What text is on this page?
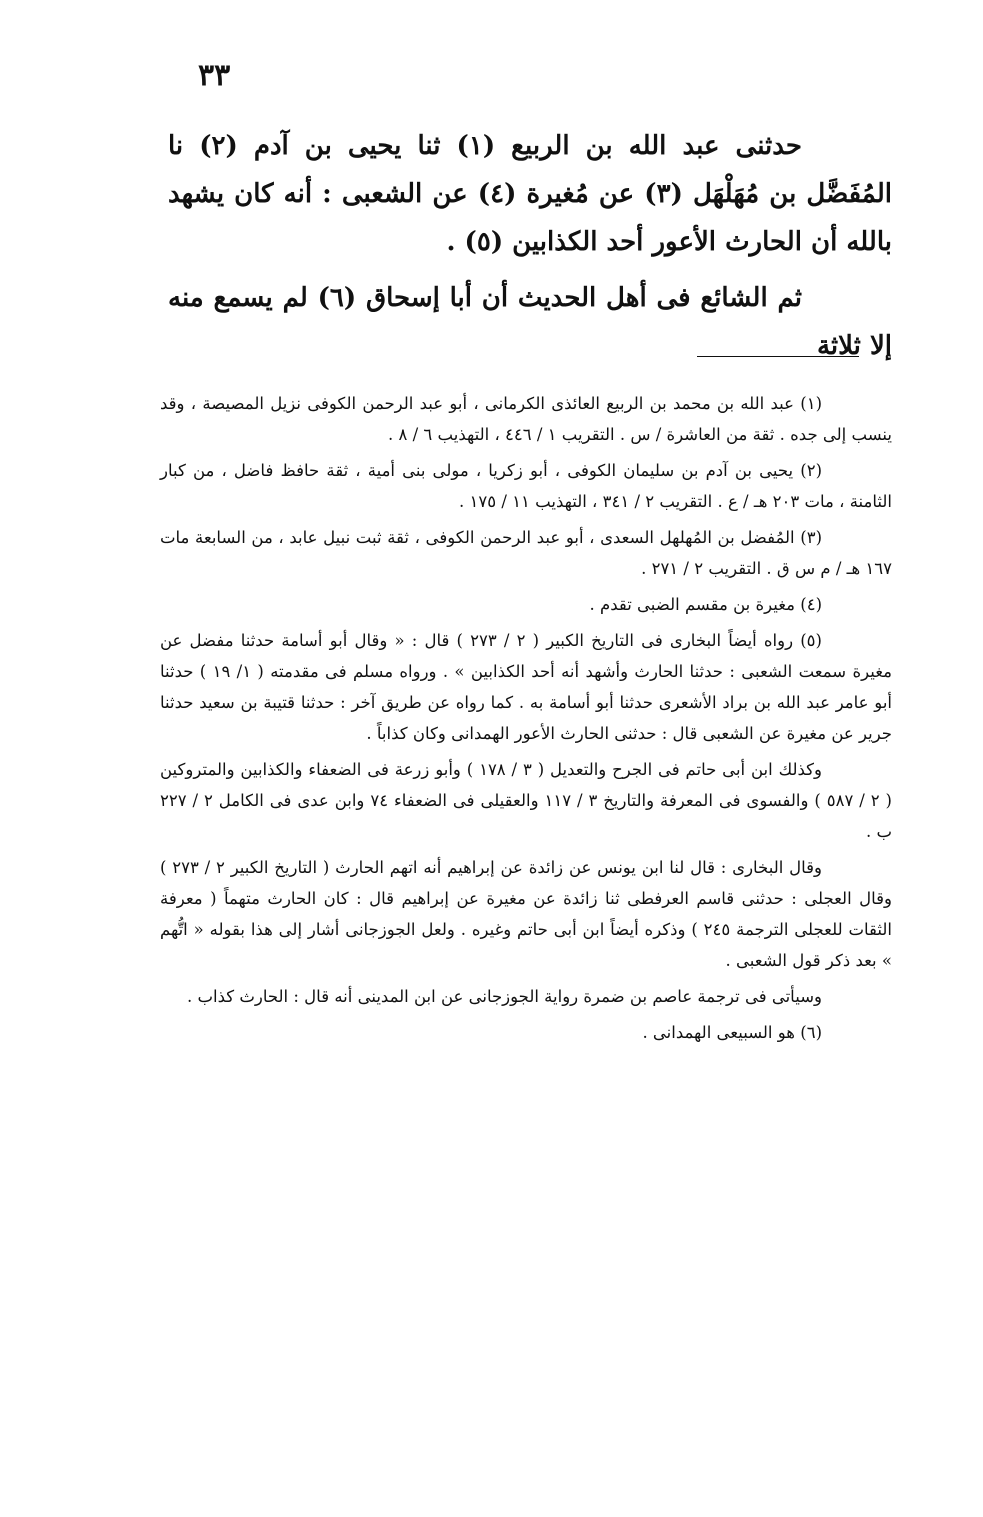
٣٣

حدثنى عبد الله بن الربيع (١) ثنا يحيى بن آدم (٢) نا المُفَضَّل بن مُهَلْهَل (٣) عن مُغيرة (٤) عن الشعبى : أنه كان يشهد بالله أن الحارث الأعور أحد الكذابين (٥) .

ثم الشائع فى أهل الحديث أن أبا إسحاق (٦) لم يسمع منه إلا ثلاثة

(١) عبد الله بن محمد بن الربيع العائذى الكرمانى ، أبو عبد الرحمن الكوفى نزيل المصيصة ، وقد ينسب إلى جده . ثقة من العاشرة / س . التقريب ١ / ٤٤٦ ، التهذيب ٦ / ٨ .

(٢) يحيى بن آدم بن سليمان الكوفى ، أبو زكريا ، مولى بنى أمية ، ثقة حافظ فاضل ، من كبار الثامنة ، مات ٢٠٣ هـ / ع . التقريب ٢ / ٣٤١ ، التهذيب ١١ / ١٧٥ .

(٣) المُفضل بن المُهلهل السعدى ، أبو عبد الرحمن الكوفى ، ثقة ثبت نبيل عابد ، من السابعة مات ١٦٧ هـ / م س ق . التقريب ٢ / ٢٧١ .

(٤) مغيرة بن مقسم الضبى تقدم .

(٥) رواه أيضاً البخارى فى التاريخ الكبير ( ٢ / ٢٧٣ ) قال : « وقال أبو أسامة حدثنا مفضل عن مغيرة سمعت الشعبى : حدثنا الحارث وأشهد أنه أحد الكذابين » . ورواه مسلم فى مقدمته ( ١/ ١٩ ) حدثنا أبو عامر عبد الله بن براد الأشعرى حدثنا أبو أسامة به . كما رواه عن طريق آخر : حدثنا قتيبة بن سعيد حدثنا جرير عن مغيرة عن الشعبى قال : حدثنى الحارث الأعور الهمدانى وكان كذاباً .

وكذلك ابن أبى حاتم فى الجرح والتعديل ( ٣ / ١٧٨ ) وأبو زرعة فى الضعفاء والكذابين والمتروكين ( ٢ / ٥٨٧ ) والفسوى فى المعرفة والتاريخ ٣ / ١١٧ والعقيلى فى الضعفاء ٧٤ وابن عدى فى الكامل ٢ / ٢٢٧ ب .

وقال البخارى : قال لنا ابن يونس عن زائدة عن إبراهيم أنه اتهم الحارث ( التاريخ الكبير ٢ / ٢٧٣ ) وقال العجلى : حدثنى قاسم العرفطى ثنا زائدة عن مغيرة عن إبراهيم قال : كان الحارث متهماً ( معرفة الثقات للعجلى الترجمة ٢٤٥ ) وذكره أيضاً ابن أبى حاتم وغيره . ولعل الجوزجانى أشار إلى هذا بقوله « اتُّهم » بعد ذكر قول الشعبى .

وسيأتى فى ترجمة عاصم بن ضمرة رواية الجوزجانى عن ابن المدينى أنه قال : الحارث كذاب .

(٦) هو السبيعى الهمدانى .
